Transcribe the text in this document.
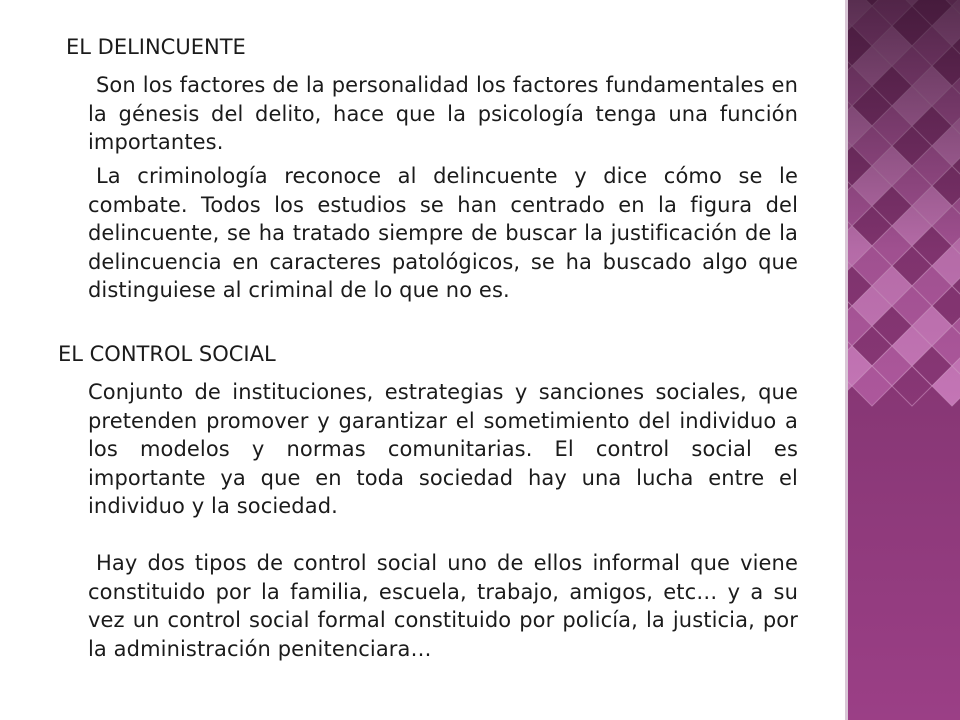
EL DELINCUENTE

Son los factores de la personalidad los factores fundamentales en la génesis del delito, hace que la psicología tenga una función importantes.

La criminología reconoce al delincuente y dice cómo se le combate. Todos los estudios se han centrado en la figura del delincuente, se ha tratado siempre de buscar la justificación de la delincuencia en caracteres patológicos, se ha buscado algo que distinguiese al criminal de lo que no es.

EL CONTROL SOCIAL

Conjunto de instituciones, estrategias y sanciones sociales, que pretenden promover y garantizar el sometimiento del individuo a los modelos y normas comunitarias. El control social es importante ya que en toda sociedad hay una lucha entre el individuo y la sociedad.

Hay dos tipos de control social uno de ellos informal que viene constituido por la familia, escuela, trabajo, amigos, etc… y a su vez un control social formal constituido por policía, la justicia, por la administración penitenciara…
